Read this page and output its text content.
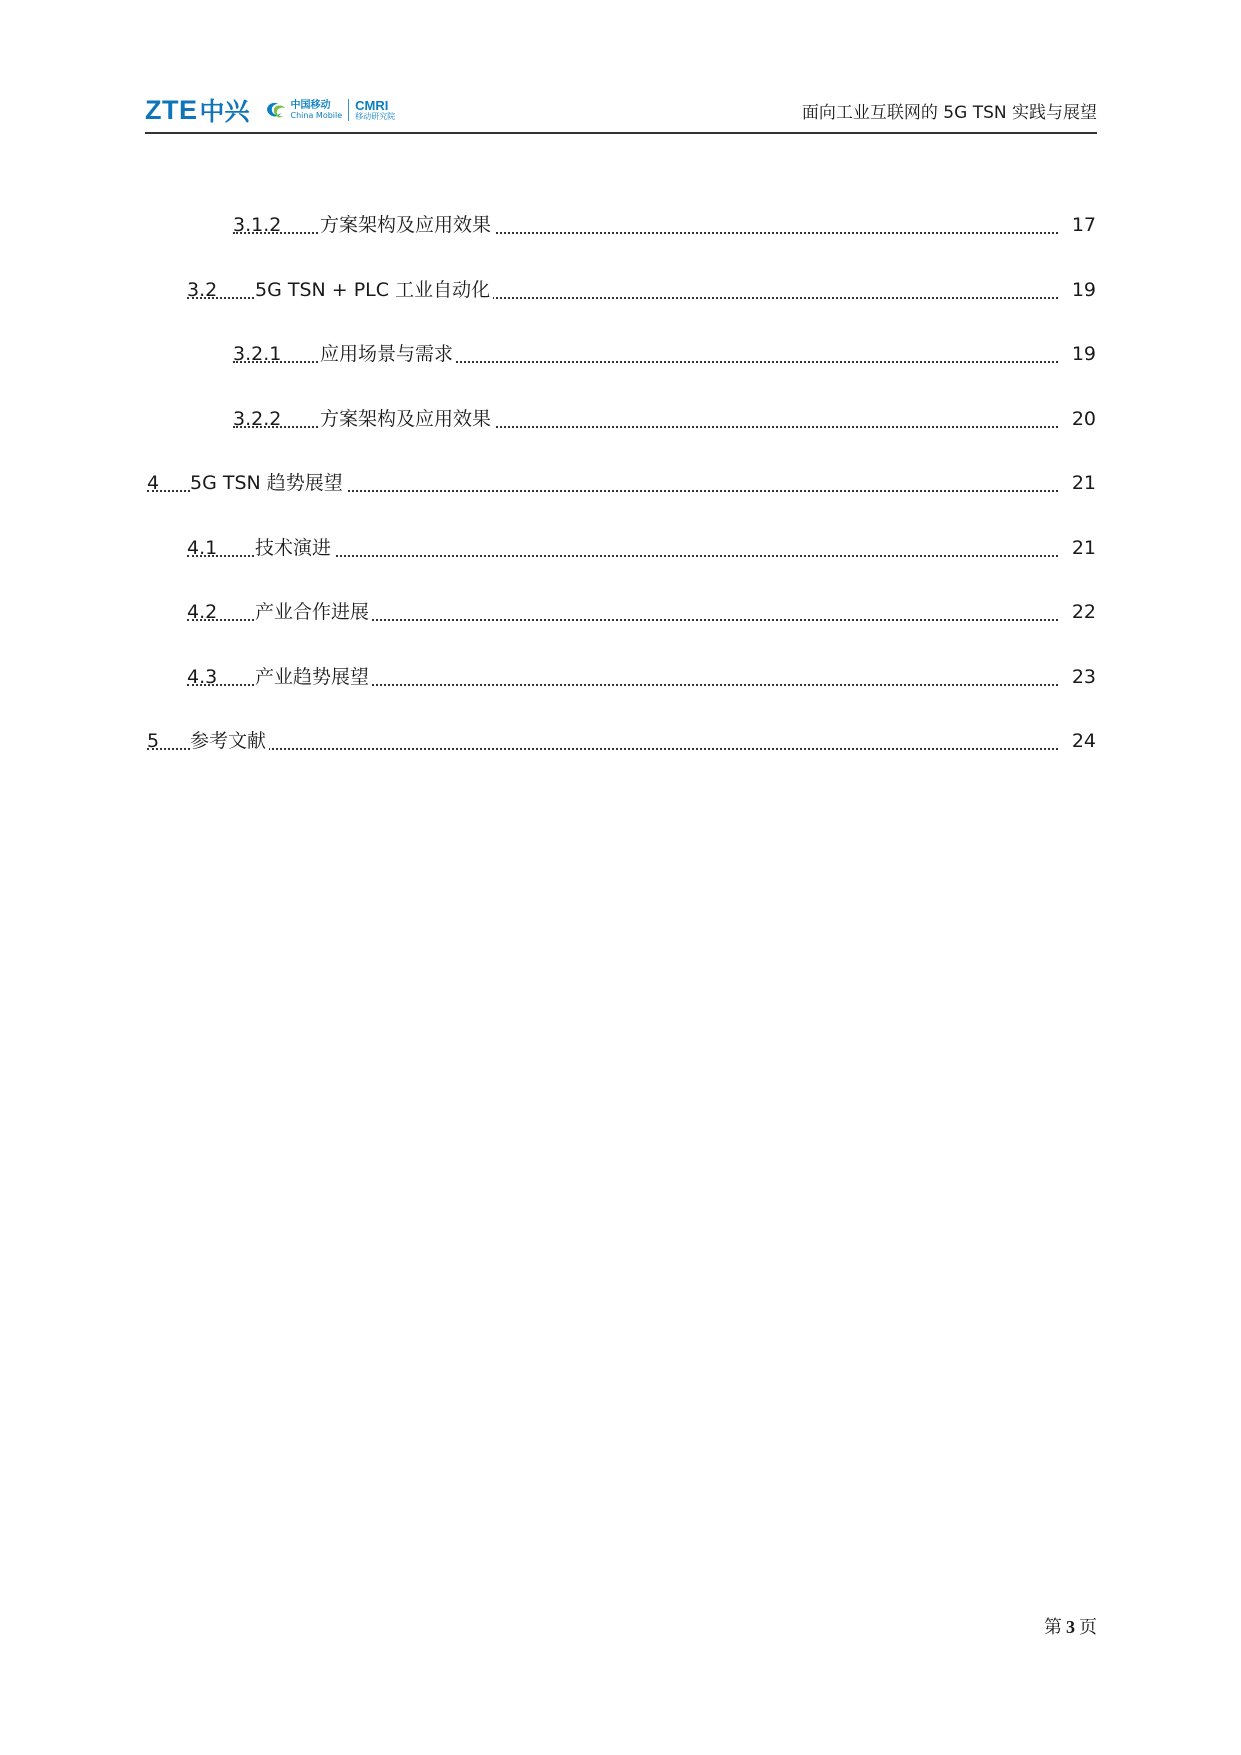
ZTE 中兴	中国移动
China Mobile
CMRI
移动研究院	面向工业互联网的 5G TSN 实践与展望
3.1.2 方案架构及应用效果	17
3.2 5G TSN + PLC 工业自动化	19
3.2.1 应用场景与需求	19
3.2.2 方案架构及应用效果	20
4 5G TSN 趋势展望	21
4.1 技术演进	21
4.2 产业合作进展	22
4.3 产业趋势展望	23
5 参考文献	24
第 3 页
